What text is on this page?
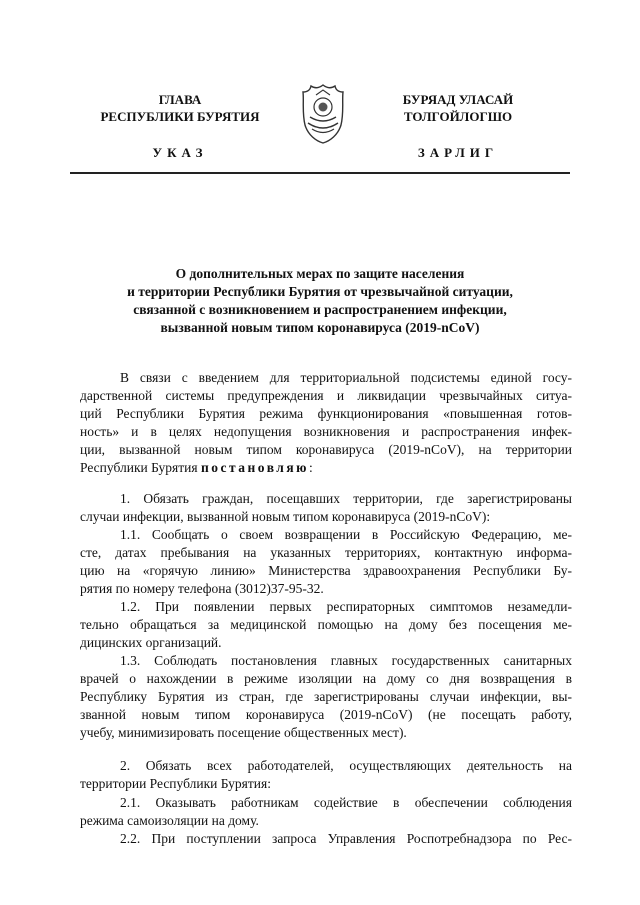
ГЛАВА
РЕСПУБЛИКИ БУРЯТИЯ
БУРЯАД УЛАСАЙ
ТОЛГОЙЛОГШО
УКАЗ	ЗАРЛИГ
О дополнительных мерах по защите населения
и территории Республики Бурятия от чрезвычайной ситуации,
связанной с возникновением и распространением инфекции,
вызванной новым типом коронавируса (2019-nCoV)
В связи с введением для территориальной подсистемы единой госу-
дарственной системы предупреждения и ликвидации чрезвычайных ситуа-
ций Республики Бурятия режима функционирования «повышенная готов-
ность» и в целях недопущения возникновения и распространения инфек-
ции, вызванной новым типом коронавируса (2019-nCoV), на территории
Республики Бурятия постановляю:
1. Обязать граждан, посещавших территории, где зарегистрированы
случаи инфекции, вызванной новым типом коронавируса (2019-nCoV):
1.1. Сообщать о своем возвращении в Российскую Федерацию, ме-
сте, датах пребывания на указанных территориях, контактную информа-
цию на «горячую линию» Министерства здравоохранения Республики Бу-
рятия по номеру телефона (3012)37-95-32.
1.2. При появлении первых респираторных симптомов незамедли-
тельно обращаться за медицинской помощью на дому без посещения ме-
дицинских организаций.
1.3. Соблюдать постановления главных государственных санитарных
врачей о нахождении в режиме изоляции на дому со дня возвращения в
Республику Бурятия из стран, где зарегистрированы случаи инфекции, вы-
званной новым типом коронавируса (2019-nCoV) (не посещать работу,
учебу, минимизировать посещение общественных мест).
2. Обязать всех работодателей, осуществляющих деятельность на
территории Республики Бурятия:
2.1. Оказывать работникам содействие в обеспечении соблюдения
режима самоизоляции на дому.
2.2. При поступлении запроса Управления Роспотребнадзора по Рес-
